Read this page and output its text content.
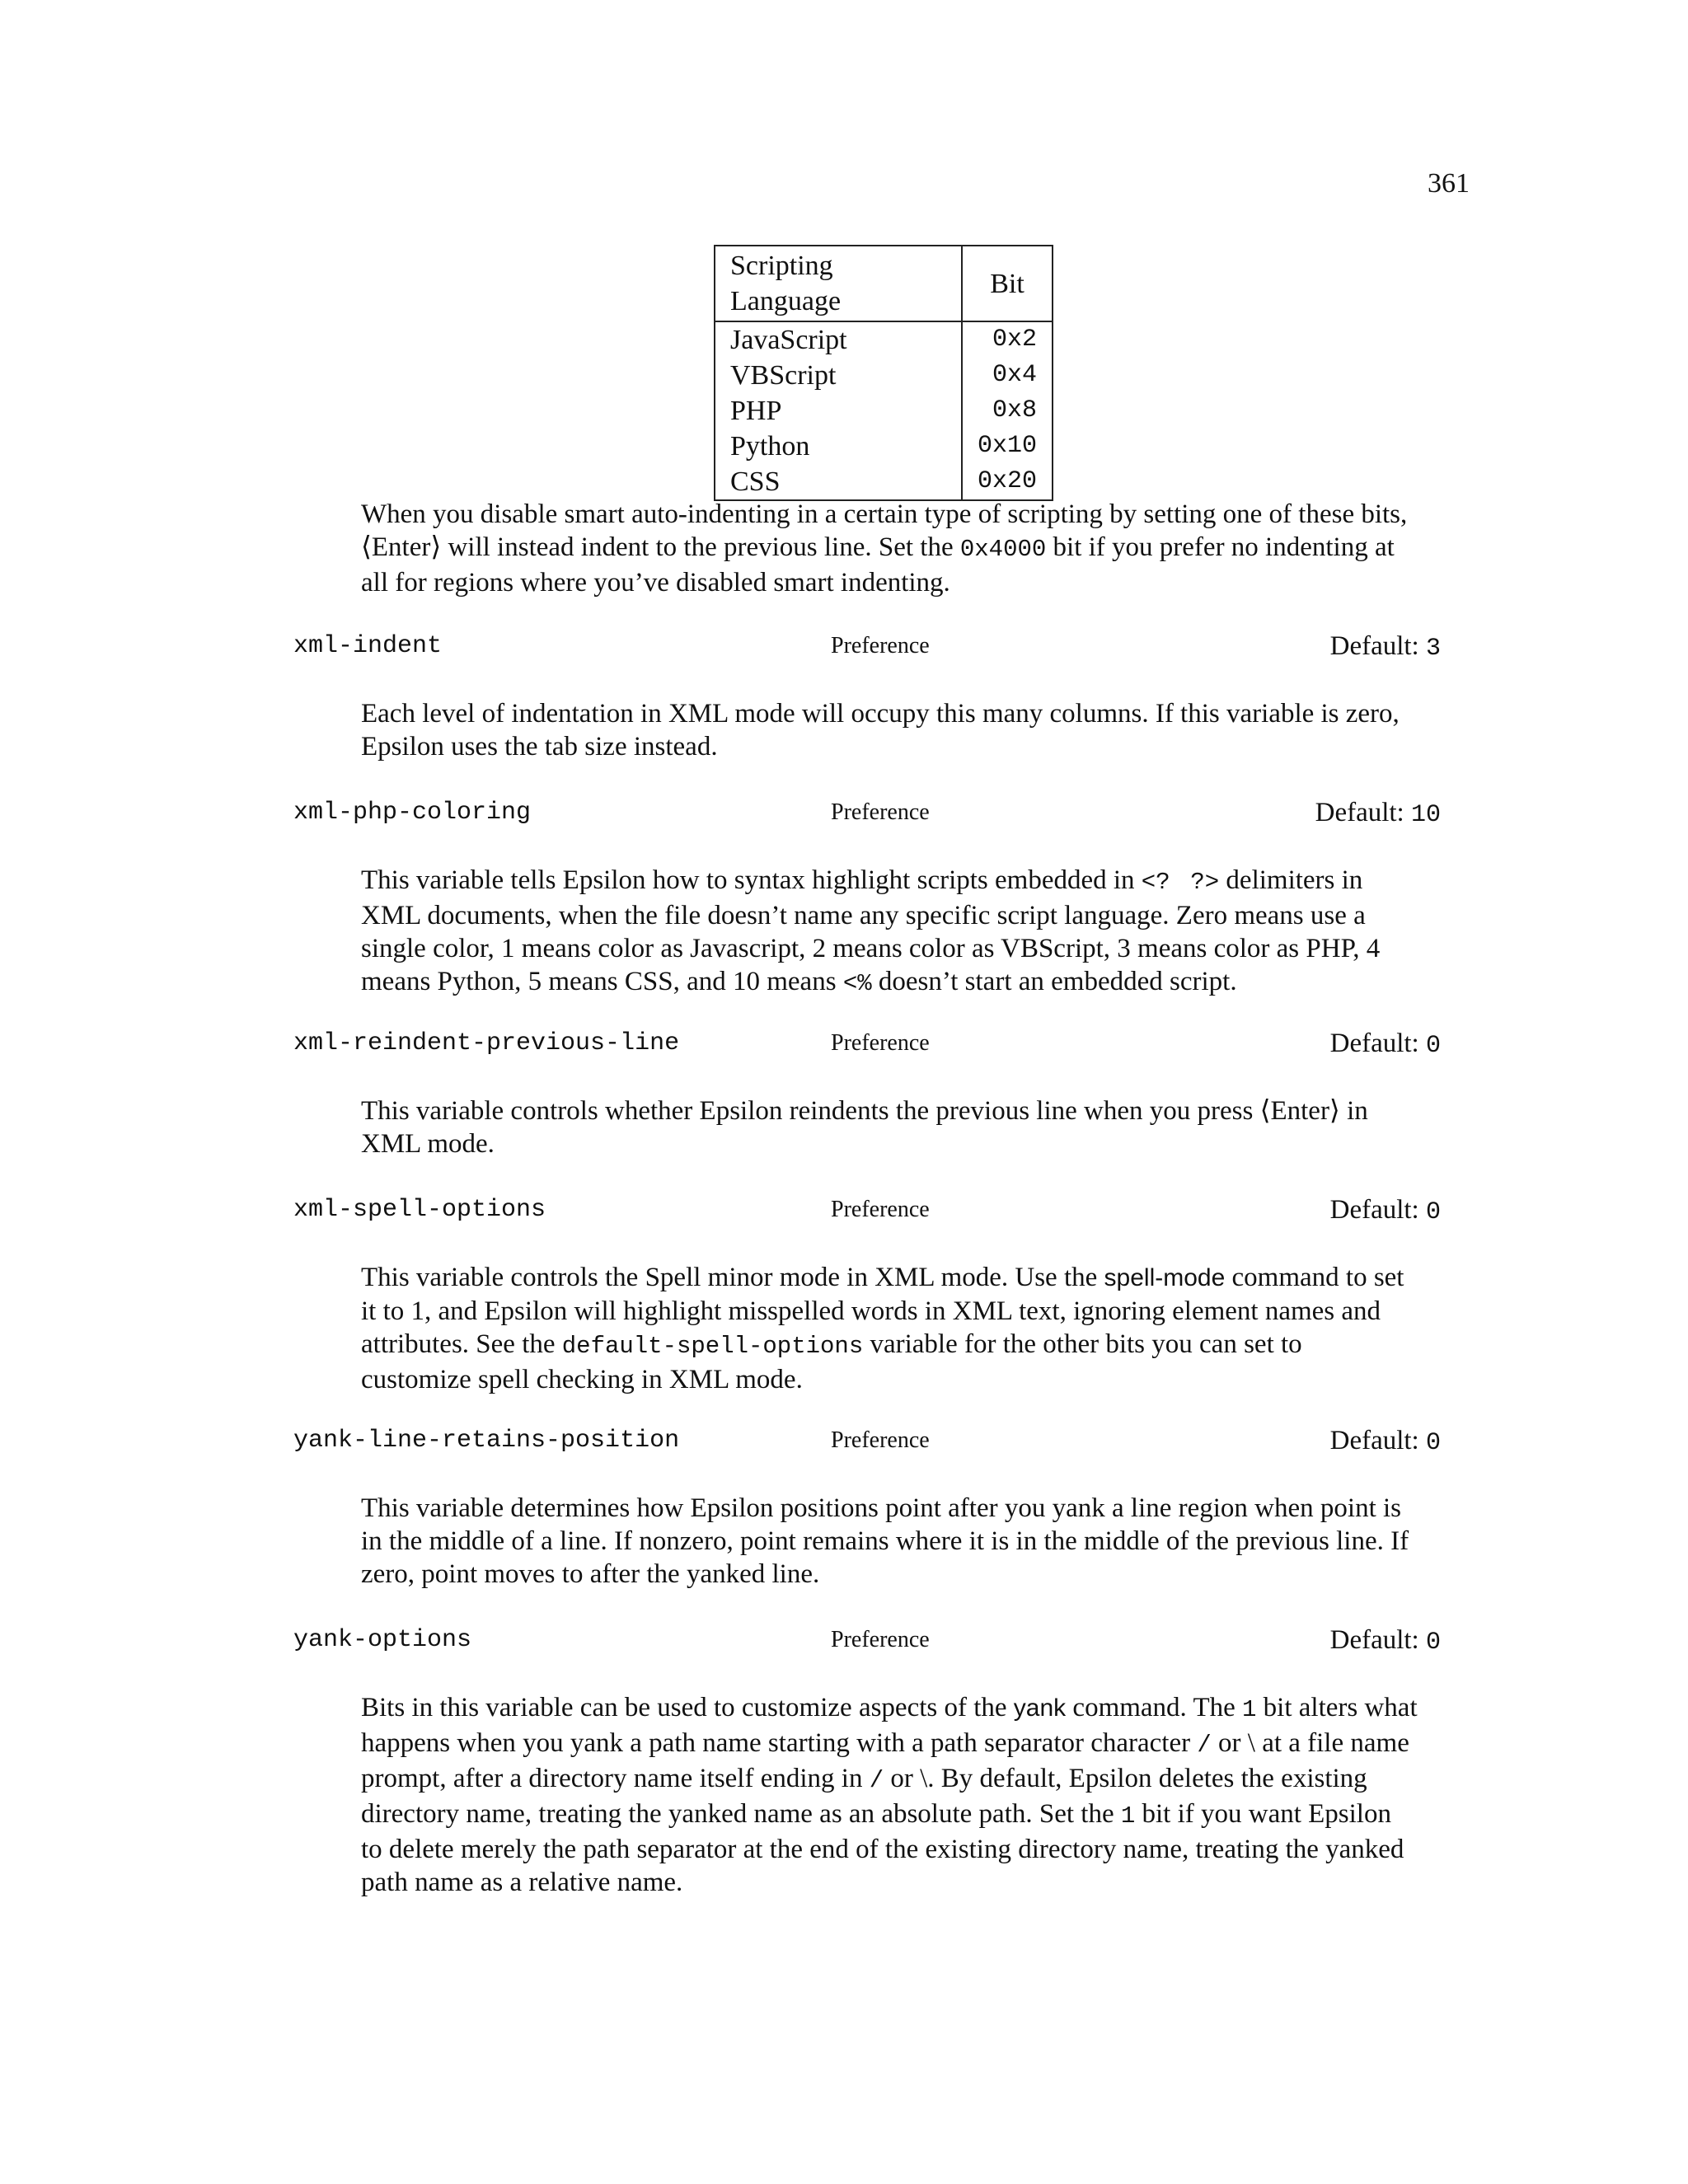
361
Scripting Language	Bit
JavaScript	0x2
VBScript	0x4
PHP	0x8
Python	0x10
CSS	0x20
When you disable smart auto-indenting in a certain type of scripting by setting one of these bits, ⟨Enter⟩ will instead indent to the previous line. Set the 0x4000 bit if you prefer no indenting at all for regions where you’ve disabled smart indenting.
xml-indent	Preference	Default: 3
Each level of indentation in XML mode will occupy this many columns. If this variable is zero, Epsilon uses the tab size instead.
xml-php-coloring	Preference	Default: 10
This variable tells Epsilon how to syntax highlight scripts embedded in <? ?> delimiters in XML documents, when the file doesn’t name any specific script language. Zero means use a single color, 1 means color as Javascript, 2 means color as VBScript, 3 means color as PHP, 4 means Python, 5 means CSS, and 10 means <% doesn’t start an embedded script.
xml-reindent-previous-line	Preference	Default: 0
This variable controls whether Epsilon reindents the previous line when you press ⟨Enter⟩ in XML mode.
xml-spell-options	Preference	Default: 0
This variable controls the Spell minor mode in XML mode. Use the spell-mode command to set it to 1, and Epsilon will highlight misspelled words in XML text, ignoring element names and attributes. See the default-spell-options variable for the other bits you can set to customize spell checking in XML mode.
yank-line-retains-position	Preference	Default: 0
This variable determines how Epsilon positions point after you yank a line region when point is in the middle of a line. If nonzero, point remains where it is in the middle of the previous line. If zero, point moves to after the yanked line.
yank-options	Preference	Default: 0
Bits in this variable can be used to customize aspects of the yank command. The 1 bit alters what happens when you yank a path name starting with a path separator character / or \ at a file name prompt, after a directory name itself ending in / or \. By default, Epsilon deletes the existing directory name, treating the yanked name as an absolute path. Set the 1 bit if you want Epsilon to delete merely the path separator at the end of the existing directory name, treating the yanked path name as a relative name.
